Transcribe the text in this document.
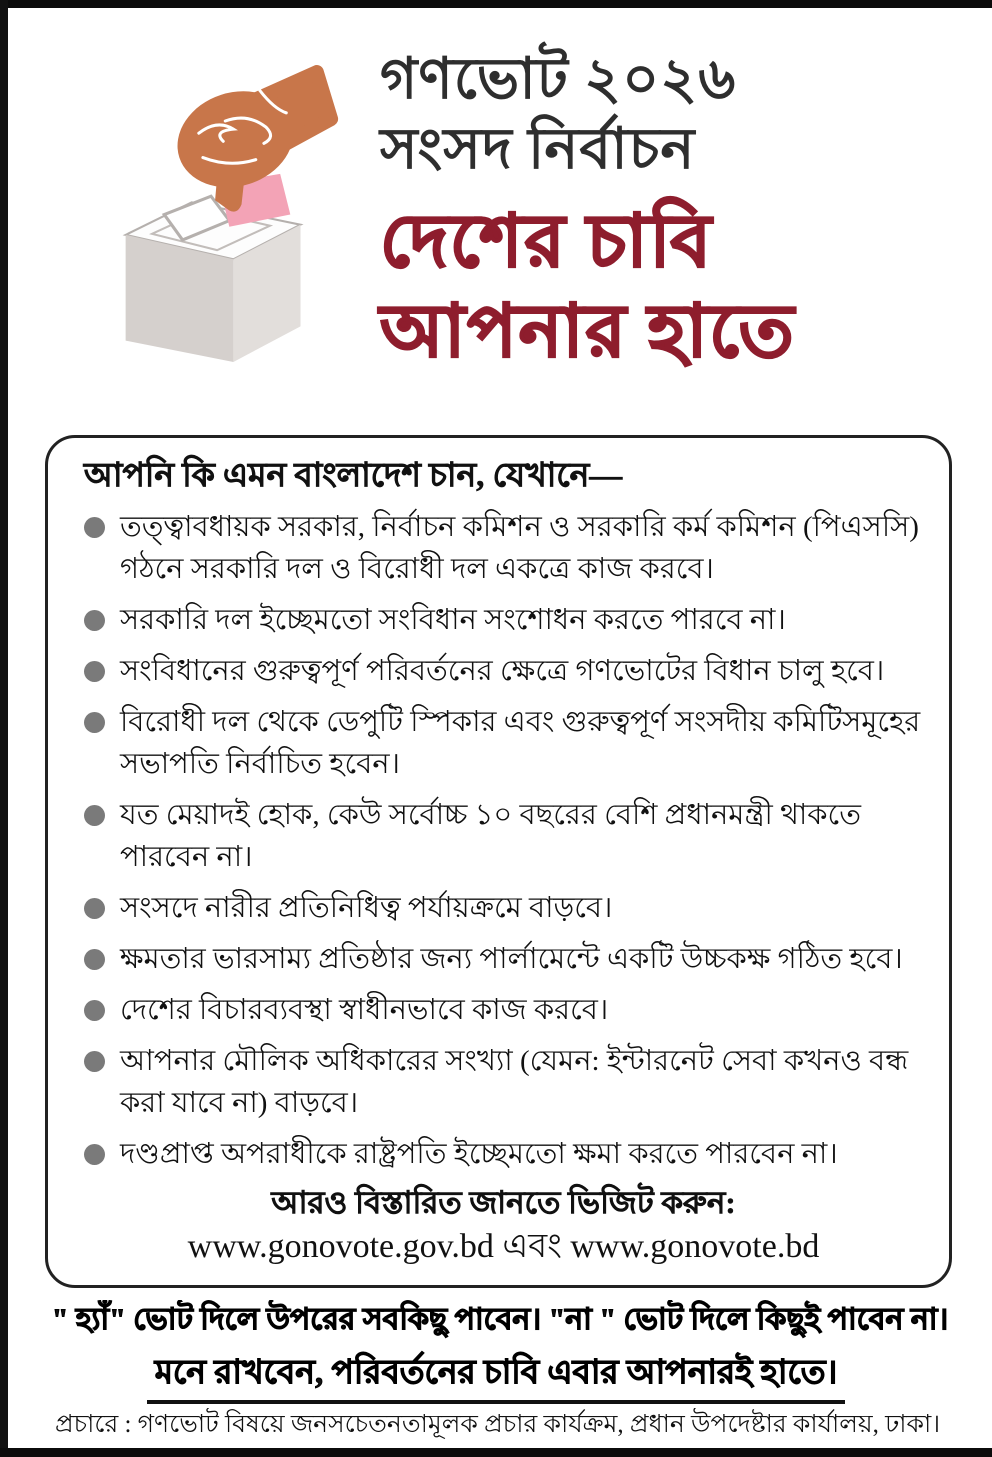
গণভোট ২০২৬
সংসদ নির্বাচন
দেশের চাবি
আপনার হাতে
আপনি কি এমন বাংলাদেশ চান, যেখানে—
তত্ত্বাবধায়ক সরকার, নির্বাচন কমিশন ও সরকারি কর্ম কমিশন (পিএসসি) গঠনে সরকারি দল ও বিরোধী দল একত্রে কাজ করবে।
সরকারি দল ইচ্ছেমতো সংবিধান সংশোধন করতে পারবে না।
সংবিধানের গুরুত্বপূর্ণ পরিবর্তনের ক্ষেত্রে গণভোটের বিধান চালু হবে।
বিরোধী দল থেকে ডেপুটি স্পিকার এবং গুরুত্বপূর্ণ সংসদীয় কমিটিসমূহের সভাপতি নির্বাচিত হবেন।
যত মেয়াদই হোক, কেউ সর্বোচ্চ ১০ বছরের বেশি প্রধানমন্ত্রী থাকতে পারবেন না।
সংসদে নারীর প্রতিনিধিত্ব পর্যায়ক্রমে বাড়বে।
ক্ষমতার ভারসাম্য প্রতিষ্ঠার জন্য পার্লামেন্টে একটি উচ্চকক্ষ গঠিত হবে।
দেশের বিচারব্যবস্থা স্বাধীনভাবে কাজ করবে।
আপনার মৌলিক অধিকারের সংখ্যা (যেমন: ইন্টারনেট সেবা কখনও বন্ধ করা যাবে না) বাড়বে।
দণ্ডপ্রাপ্ত অপরাধীকে রাষ্ট্রপতি ইচ্ছেমতো ক্ষমা করতে পারবেন না।
আরও বিস্তারিত জানতে ভিজিট করুন:
www.gonovote.gov.bd এবং www.gonovote.bd
" হ্যাঁ" ভোট দিলে উপরের সবকিছু পাবেন। "না " ভোট দিলে কিছুই পাবেন না।
মনে রাখবেন, পরিবর্তনের চাবি এবার আপনারই হাতে।
প্রচারে : গণভোট বিষয়ে জনসচেতনতামূলক প্রচার কার্যক্রম, প্রধান উপদেষ্টার কার্যালয়, ঢাকা।
